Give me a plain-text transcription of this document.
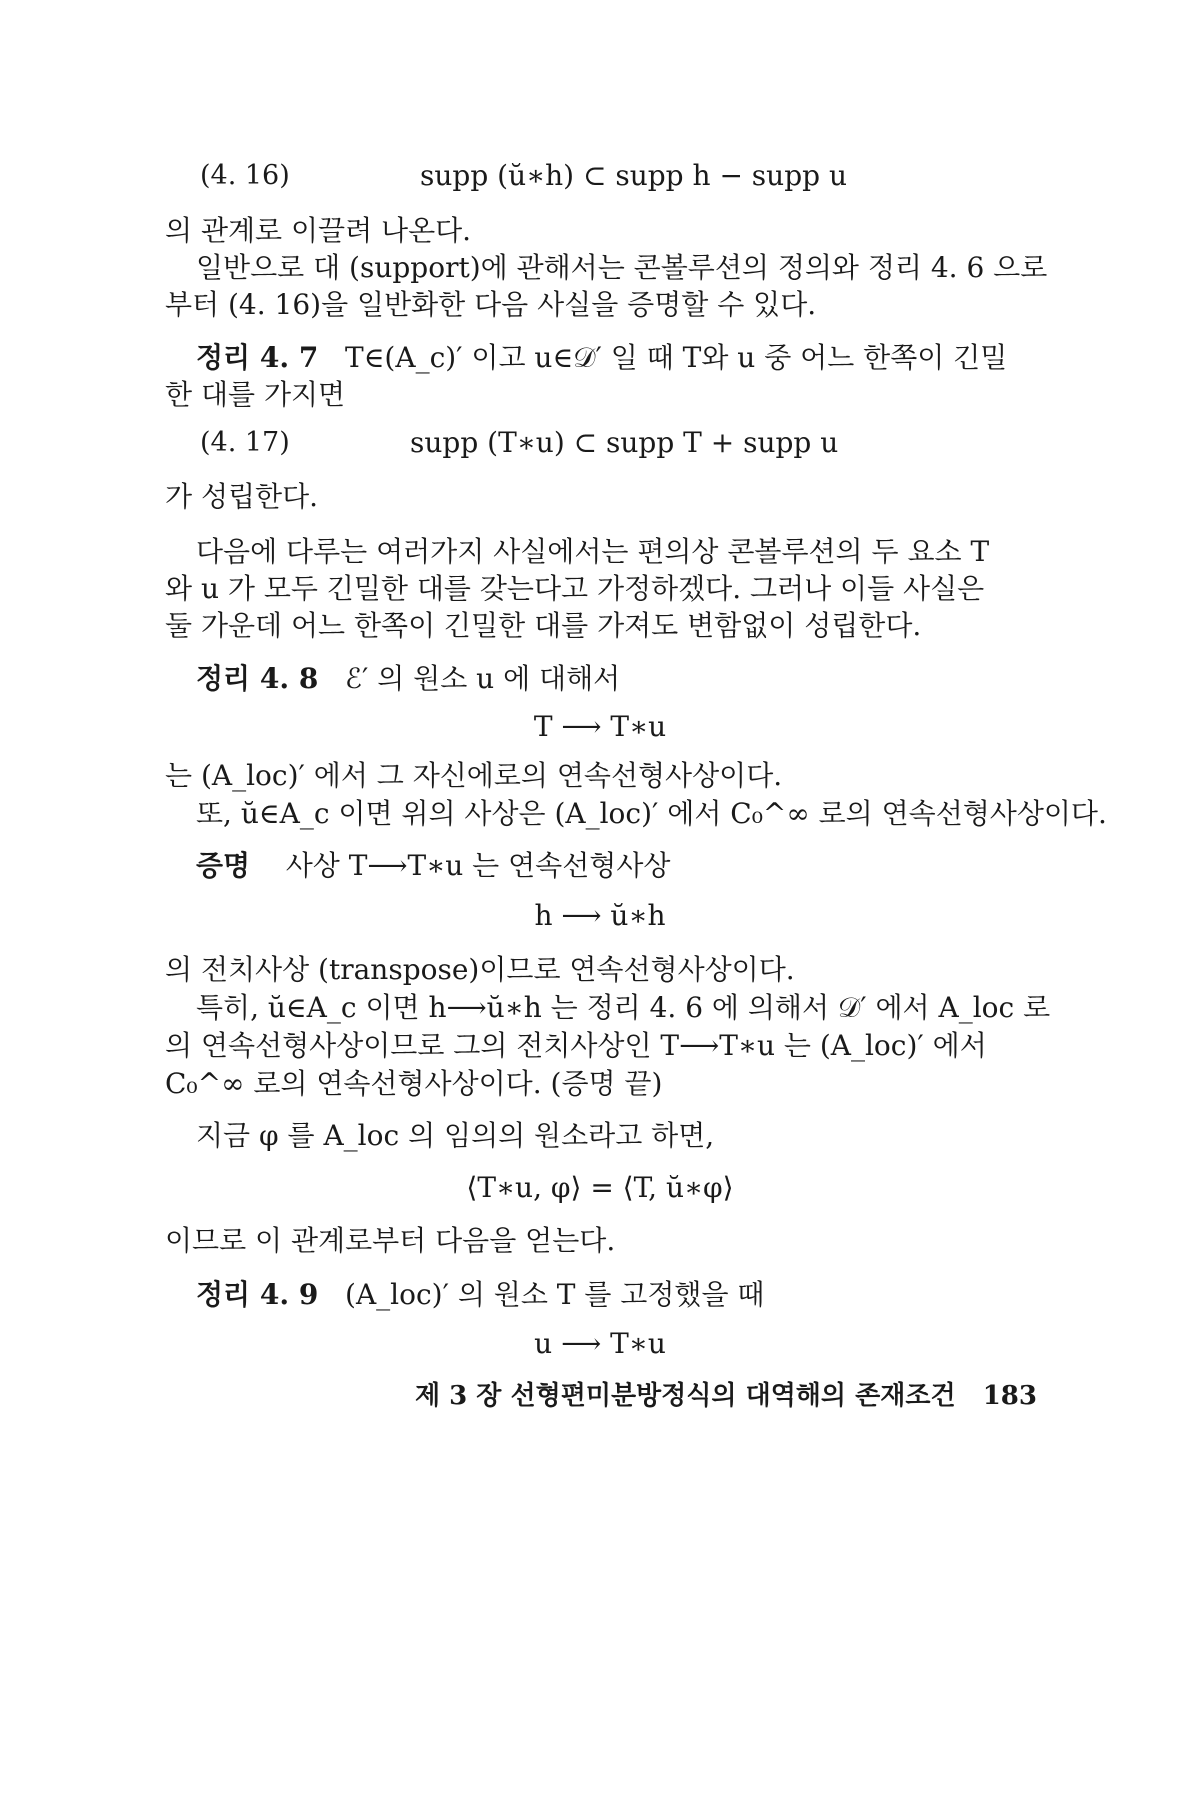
(4. 16)	supp (ŭ∗h) ⊂ supp h − supp u
의 관계로 이끌려 나온다.
일반으로 대 (support)에 관해서는 콘볼루션의 정의와 정리 4. 6 으로
부터 (4. 16)을 일반화한 다음 사실을 증명할 수 있다.
정리 4. 7 T∈(A_c)′ 이고 u∈𝒟′ 일 때 T와 u 중 어느 한쪽이 긴밀
한 대를 가지면
(4. 17)	supp (T∗u) ⊂ supp T + supp u
가 성립한다.
다음에 다루는 여러가지 사실에서는 편의상 콘볼루션의 두 요소 T
와 u 가 모두 긴밀한 대를 갖는다고 가정하겠다. 그러나 이들 사실은
둘 가운데 어느 한쪽이 긴밀한 대를 가져도 변함없이 성립한다.
정리 4. 8 ℰ′ 의 원소 u 에 대해서
T ⟶ T∗u
는 (A_loc)′ 에서 그 자신에로의 연속선형사상이다.
또, ŭ∈A_c 이면 위의 사상은 (A_loc)′ 에서 C₀^∞ 로의 연속선형사상이다.
증명 사상 T⟶T∗u 는 연속선형사상
h ⟶ ŭ∗h
의 전치사상 (transpose)이므로 연속선형사상이다.
특히, ŭ∈A_c 이면 h⟶ŭ∗h 는 정리 4. 6 에 의해서 𝒟′ 에서 A_loc 로
의 연속선형사상이므로 그의 전치사상인 T⟶T∗u 는 (A_loc)′ 에서
C₀^∞ 로의 연속선형사상이다. (증명 끝)
지금 φ 를 A_loc 의 임의의 원소라고 하면,
⟨T∗u, φ⟩ = ⟨T, ŭ∗φ⟩
이므로 이 관계로부터 다음을 얻는다.
정리 4. 9 (A_loc)′ 의 원소 T 를 고정했을 때
u ⟶ T∗u
제 3 장 선형편미분방정식의 대역해의 존재조건 183
